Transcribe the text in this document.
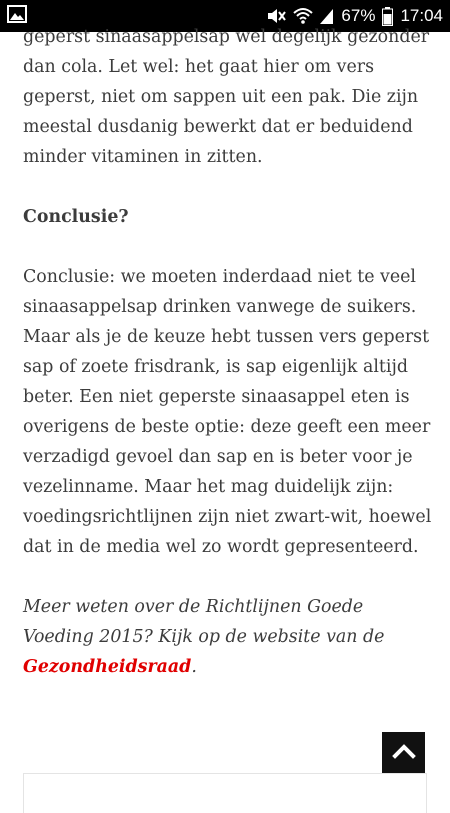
67% 17:04

geperst sinaasappelsap wel degelijk gezonder dan cola. Let wel: het gaat hier om vers geperst, niet om sappen uit een pak. Die zijn meestal dusdanig bewerkt dat er beduidend minder vitaminen in zitten.

Conclusie?

Conclusie: we moeten inderdaad niet te veel sinaasappelsap drinken vanwege de suikers. Maar als je de keuze hebt tussen vers geperst sap of zoete frisdrank, is sap eigenlijk altijd beter. Een niet geperste sinaasappel eten is overigens de beste optie: deze geeft een meer verzadigd gevoel dan sap en is beter voor je vezelinname. Maar het mag duidelijk zijn: voedingsrichtlijnen zijn niet zwart-wit, hoewel dat in de media wel zo wordt gepresenteerd.

Meer weten over de Richtlijnen Goede Voeding 2015? Kijk op de website van de Gezondheidsraad.
